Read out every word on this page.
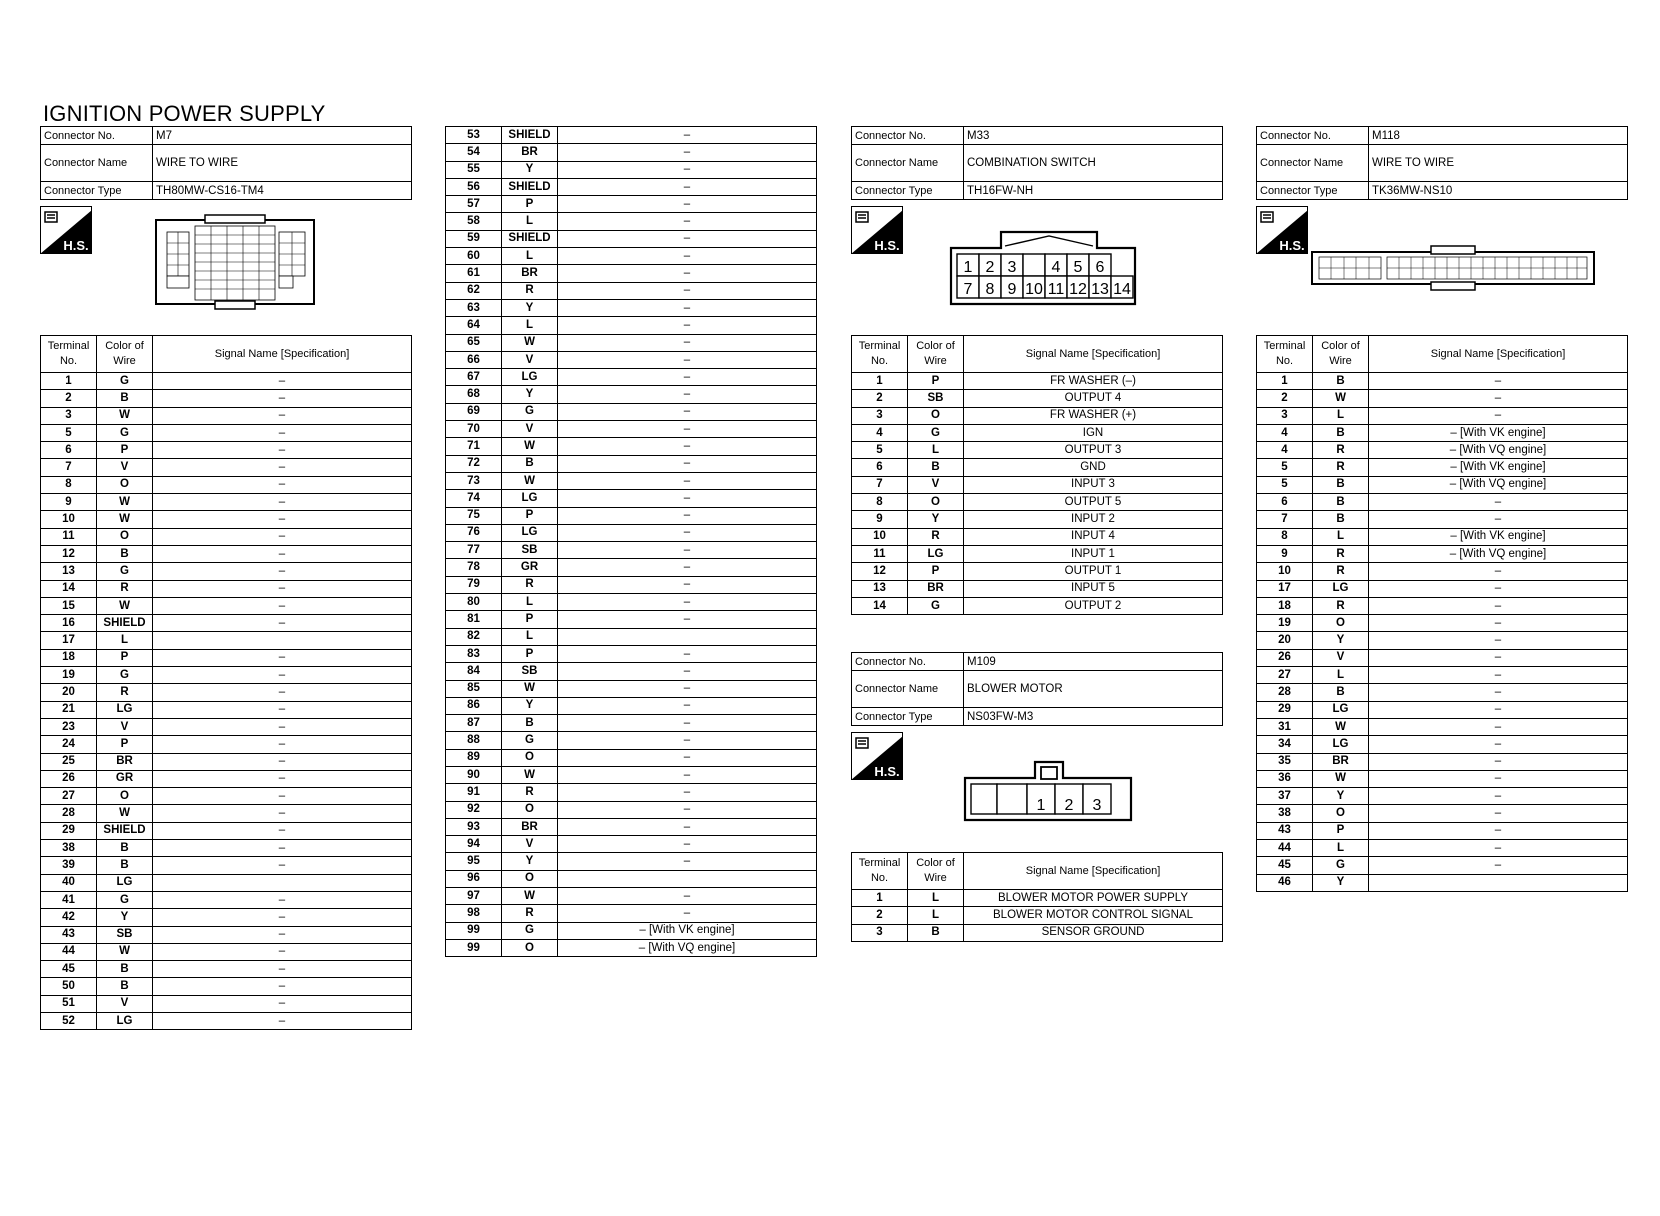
IGNITION POWER SUPPLY
Connector No.	M7
Connector Name	WIRE TO WIRE
Connector Type	TH80MW-CS16-TM4
H.S.
Terminal No.	Color of Wire	Signal Name [Specification]
1	G	–
2	B	–
3	W	–
5	G	–
6	P	–
7	V	–
8	O	–
9	W	–
10	W	–
11	O	–
12	B	–
13	G	–
14	R	–
15	W	–
16	SHIELD	–
17	L	
18	P	–
19	G	–
20	R	–
21	LG	–
23	V	–
24	P	–
25	BR	–
26	GR	–
27	O	–
28	W	–
29	SHIELD	–
38	B	–
39	B	–
40	LG	
41	G	–
42	Y	–
43	SB	–
44	W	–
45	B	–
50	B	–
51	V	–
52	LG	–
53	SHIELD	–
54	BR	–
55	Y	–
56	SHIELD	–
57	P	–
58	L	–
59	SHIELD	–
60	L	–
61	BR	–
62	R	–
63	Y	–
64	L	–
65	W	–
66	V	–
67	LG	–
68	Y	–
69	G	–
70	V	–
71	W	–
72	B	–
73	W	–
74	LG	–
75	P	–
76	LG	–
77	SB	–
78	GR	–
79	R	–
80	L	–
81	P	–
82	L	
83	P	–
84	SB	–
85	W	–
86	Y	–
87	B	–
88	G	–
89	O	–
90	W	–
91	R	–
92	O	–
93	BR	–
94	V	–
95	Y	–
96	O	
97	W	–
98	R	–
99	G	– [With VK engine]
99	O	– [With VQ engine]
Connector No.	M33
Connector Name	COMBINATION SWITCH
Connector Type	TH16FW-NH
H.S.
1 2 3 4 5 6
7 8 9 10 11 12 13 14
Terminal No.	Color of Wire	Signal Name [Specification]
1	P	FR WASHER (–)
2	SB	OUTPUT 4
3	O	FR WASHER (+)
4	G	IGN
5	L	OUTPUT 3
6	B	GND
7	V	INPUT 3
8	O	OUTPUT 5
9	Y	INPUT 2
10	R	INPUT 4
11	LG	INPUT 1
12	P	OUTPUT 1
13	BR	INPUT 5
14	G	OUTPUT 2
Connector No.	M109
Connector Name	BLOWER MOTOR
Connector Type	NS03FW-M3
H.S.
1 2 3
Terminal No.	Color of Wire	Signal Name [Specification]
1	L	BLOWER MOTOR POWER SUPPLY
2	L	BLOWER MOTOR CONTROL SIGNAL
3	B	SENSOR GROUND
Connector No.	M118
Connector Name	WIRE TO WIRE
Connector Type	TK36MW-NS10
H.S.
Terminal No.	Color of Wire	Signal Name [Specification]
1	B	–
2	W	–
3	L	–
4	B	– [With VK engine]
4	R	– [With VQ engine]
5	R	– [With VK engine]
5	B	– [With VQ engine]
6	B	–
7	B	–
8	L	– [With VK engine]
9	R	– [With VQ engine]
10	R	–
17	LG	–
18	R	–
19	O	–
20	Y	–
26	V	–
27	L	–
28	B	–
29	LG	–
31	W	–
34	LG	–
35	BR	–
36	W	–
37	Y	–
38	O	–
43	P	–
44	L	–
45	G	–
46	Y	
